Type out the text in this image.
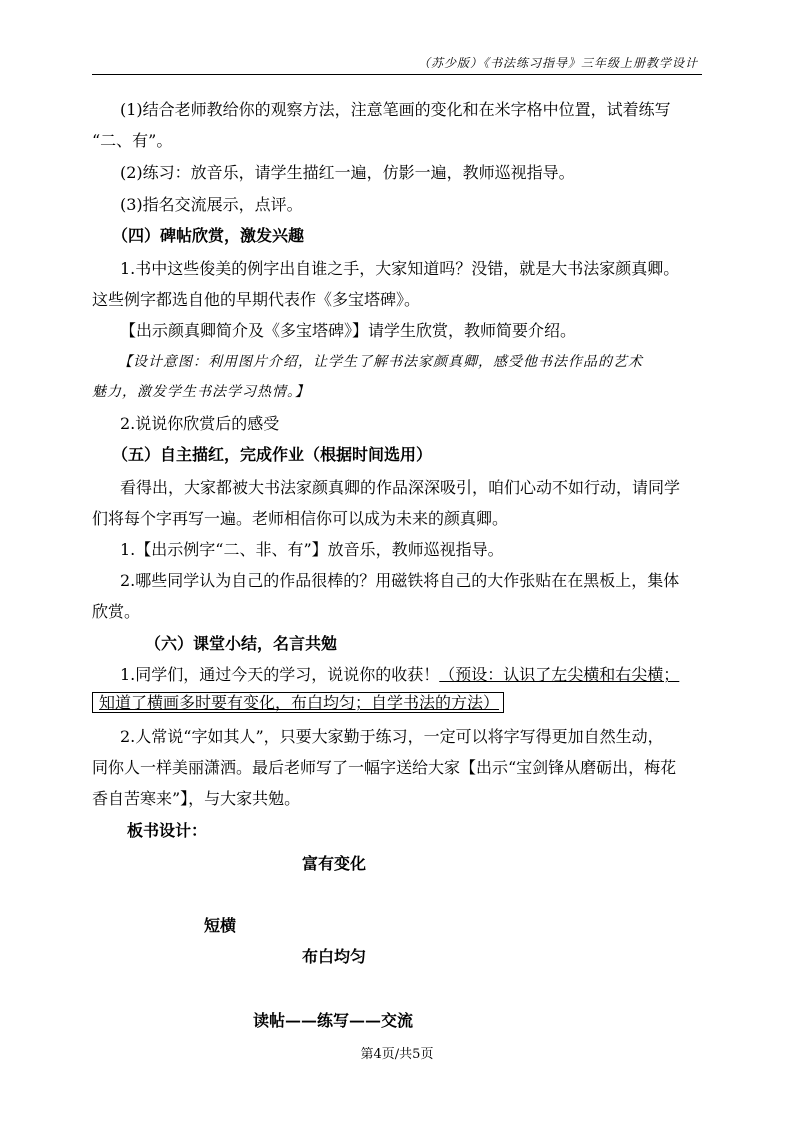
（苏少版）《书法练习指导》三年级上册教学设计
(1)结合老师教给你的观察方法，注意笔画的变化和在米字格中位置，试着练写
“二、有”。
(2)练习：放音乐，请学生描红一遍，仿影一遍，教师巡视指导。
(3)指名交流展示，点评。
（四）碑帖欣赏，激发兴趣
1.书中这些俊美的例字出自谁之手，大家知道吗？没错，就是大书法家颜真卿。
这些例字都选自他的早期代表作《多宝塔碑》。
【出示颜真卿简介及《多宝塔碑》】请学生欣赏，教师简要介绍。
【设计意图：利用图片介绍，让学生了解书法家颜真卿，感受他书法作品的艺术
魅力，激发学生书法学习热情。】
2.说说你欣赏后的感受
（五）自主描红，完成作业（根据时间选用）
看得出，大家都被大书法家颜真卿的作品深深吸引，咱们心动不如行动，请同学
们将每个字再写一遍。老师相信你可以成为未来的颜真卿。
1.【出示例字“二、非、有”】放音乐，教师巡视指导。
2.哪些同学认为自己的作品很棒的？用磁铁将自己的大作张贴在在黑板上，集体
欣赏。
（六）课堂小结，名言共勉
1.同学们，通过今天的学习，说说你的收获！（预设：认识了左尖横和右尖横；
知道了横画多时要有变化，布白均匀；自学书法的方法）
2.人常说“字如其人”，只要大家勤于练习，一定可以将字写得更加自然生动，
同你人一样美丽潇洒。最后老师写了一幅字送给大家【出示“宝剑锋从磨砺出，梅花
香自苦寒来”】，与大家共勉。
板书设计：
富有变化
短横
布白均匀
读帖——练写——交流
第4页/共5页
